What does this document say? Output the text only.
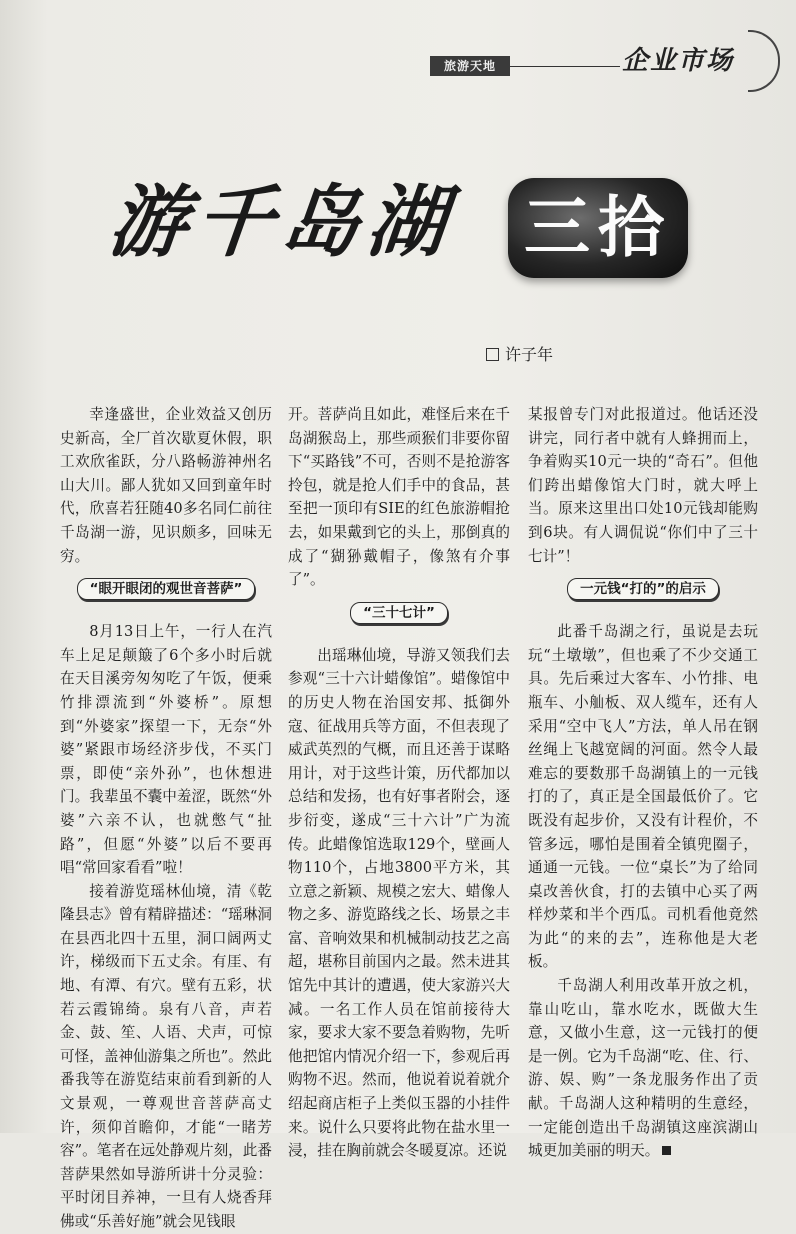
旅游天地	企业市场
游千岛湖 三拾
许子年

幸逢盛世，企业效益又创历史新高，全厂首次歇夏休假，职工欢欣雀跃，分八路畅游神州名山大川。鄙人犹如又回到童年时代，欣喜若狂随40多名同仁前往千岛湖一游，见识颇多，回味无穷。

“眼开眼闭的观世音菩萨”

8月13日上午，一行人在汽车上足足颠簸了6个多小时后就在天目溪旁匆匆吃了午饭，便乘竹排漂流到“外婆桥”。原想到“外婆家”探望一下，无奈“外婆”紧跟市场经济步伐，不买门票，即使“亲外孙”，也休想进门。我辈虽不囊中羞涩，既然“外婆”六亲不认，也就憋气“扯路”，但愿“外婆”以后不要再唱“常回家看看”啦！

接着游览瑶林仙境，清《乾隆县志》曾有精辟描述：“瑶琳洞在县西北四十五里，洞口阔两丈许，梯级而下五丈余。有厓、有地、有潭、有穴。壁有五彩，状若云霞锦绮。泉有八音，声若金、鼓、笙、人语、犬声，可惊可怪，盖神仙游集之所也”。然此番我等在游览结束前看到新的人文景观，一尊观世音菩萨高丈许，须仰首瞻仰，才能“一睹芳容”。笔者在远处静观片刻，此番菩萨果然如导游所讲十分灵验：平时闭目养神，一旦有人烧香拜佛或“乐善好施”就会见钱眼

开。菩萨尚且如此，难怪后来在千岛湖猴岛上，那些顽猴们非要你留下“买路钱”不可，否则不是抢游客拎包，就是抢人们手中的食品，甚至把一顶印有SIE的红色旅游帽抢去，如果戴到它的头上，那倒真的成了“猢狲戴帽子，像煞有介事了”。

“三十七计”

出瑶琳仙境，导游又领我们去参观“三十六计蜡像馆”。蜡像馆中的历史人物在治国安邦、抵御外寇、征战用兵等方面，不但表现了威武英烈的气概，而且还善于谋略用计，对于这些计策，历代都加以总结和发扬，也有好事者附会，逐步衍变，遂成“三十六计”广为流传。此蜡像馆选取129个，壁画人物110个，占地3800平方米，其立意之新颖、规模之宏大、蜡像人物之多、游览路线之长、场景之丰富、音响效果和机械制动技艺之高超，堪称目前国内之最。然未进其馆先中其计的遭遇，使大家游兴大减。一名工作人员在馆前接待大家，要求大家不要急着购物，先听他把馆内情况介绍一下，参观后再购物不迟。然而，他说着说着就介绍起商店柜子上类似玉器的小挂件来。说什么只要将此物在盐水里一浸，挂在胸前就会冬暖夏凉。还说

某报曾专门对此报道过。他话还没讲完，同行者中就有人蜂拥而上，争着购买10元一块的“奇石”。但他们跨出蜡像馆大门时，就大呼上当。原来这里出口处10元钱却能购到6块。有人调侃说“你们中了三十七计”！

一元钱“打的”的启示

此番千岛湖之行，虽说是去玩玩“土墩墩”，但也乘了不少交通工具。先后乘过大客车、小竹排、电瓶车、小舢板、双人缆车，还有人采用“空中飞人”方法，单人吊在钢丝绳上飞越宽阔的河面。然令人最难忘的要数那千岛湖镇上的一元钱打的了，真正是全国最低价了。它既没有起步价，又没有计程价，不管多远，哪怕是围着全镇兜圈子，通通一元钱。一位“桌长”为了给同桌改善伙食，打的去镇中心买了两样炒菜和半个西瓜。司机看他竟然为此“的来的去”，连称他是大老板。

千岛湖人利用改革开放之机，靠山吃山，靠水吃水，既做大生意，又做小生意，这一元钱打的便是一例。它为千岛湖“吃、住、行、游、娱、购”一条龙服务作出了贡献。千岛湖人这种精明的生意经，一定能创造出千岛湖镇这座滨湖山城更加美丽的明天。
